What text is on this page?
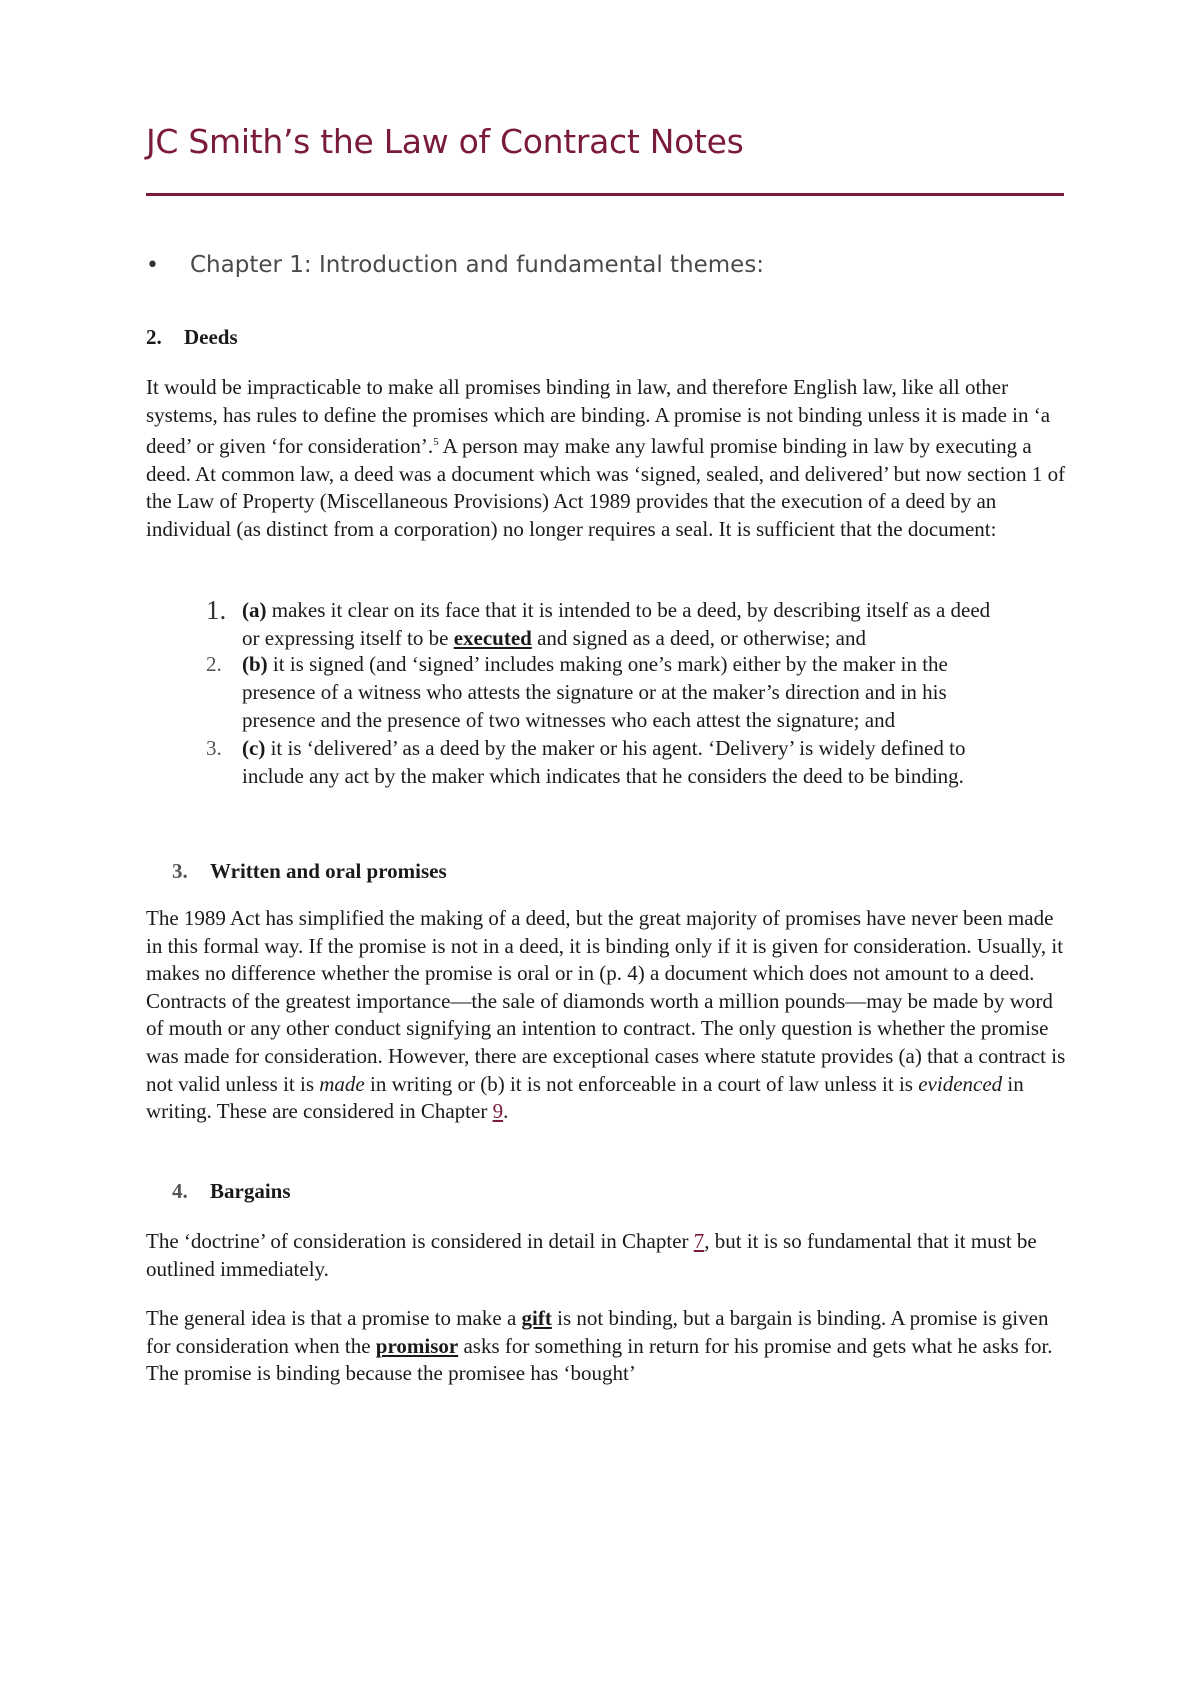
JC Smith’s the Law of Contract Notes
• Chapter 1: Introduction and fundamental themes:
2. Deeds

It would be impracticable to make all promises binding in law, and therefore English law, like all other systems, has rules to define the promises which are binding. A promise is not binding unless it is made in ‘a deed’ or given ‘for consideration’.$^5$ A person may make any lawful promise binding in law by executing a deed. At common law, a deed was a document which was ‘signed, sealed, and delivered’ but now section 1 of the Law of Property (Miscellaneous Provisions) Act 1989 provides that the execution of a deed by an individual (as distinct from a corporation) no longer requires a seal. It is sufficient that the document:

1. (a) makes it clear on its face that it is intended to be a deed, by describing itself as a deed or expressing itself to be executed and signed as a deed, or otherwise; and
2. (b) it is signed (and ‘signed’ includes making one’s mark) either by the maker in the presence of a witness who attests the signature or at the maker’s direction and in his presence and the presence of two witnesses who each attest the signature; and
3. (c) it is ‘delivered’ as a deed by the maker or his agent. ‘Delivery’ is widely defined to include any act by the maker which indicates that he considers the deed to be binding.
3. Written and oral promises

The 1989 Act has simplified the making of a deed, but the great majority of promises have never been made in this formal way. If the promise is not in a deed, it is binding only if it is given for consideration. Usually, it makes no difference whether the promise is oral or in (p. 4) a document which does not amount to a deed. Contracts of the greatest importance—the sale of diamonds worth a million pounds—may be made by word of mouth or any other conduct signifying an intention to contract. The only question is whether the promise was made for consideration. However, there are exceptional cases where statute provides (a) that a contract is not valid unless it is made in writing or (b) it is not enforceable in a court of law unless it is evidenced in writing. These are considered in Chapter 9.

4. Bargains

The ‘doctrine’ of consideration is considered in detail in Chapter 7, but it is so fundamental that it must be outlined immediately.

The general idea is that a promise to make a gift is not binding, but a bargain is binding. A promise is given for consideration when the promisor asks for something in return for his promise and gets what he asks for. The promise is binding because the promisee has ‘bought’
